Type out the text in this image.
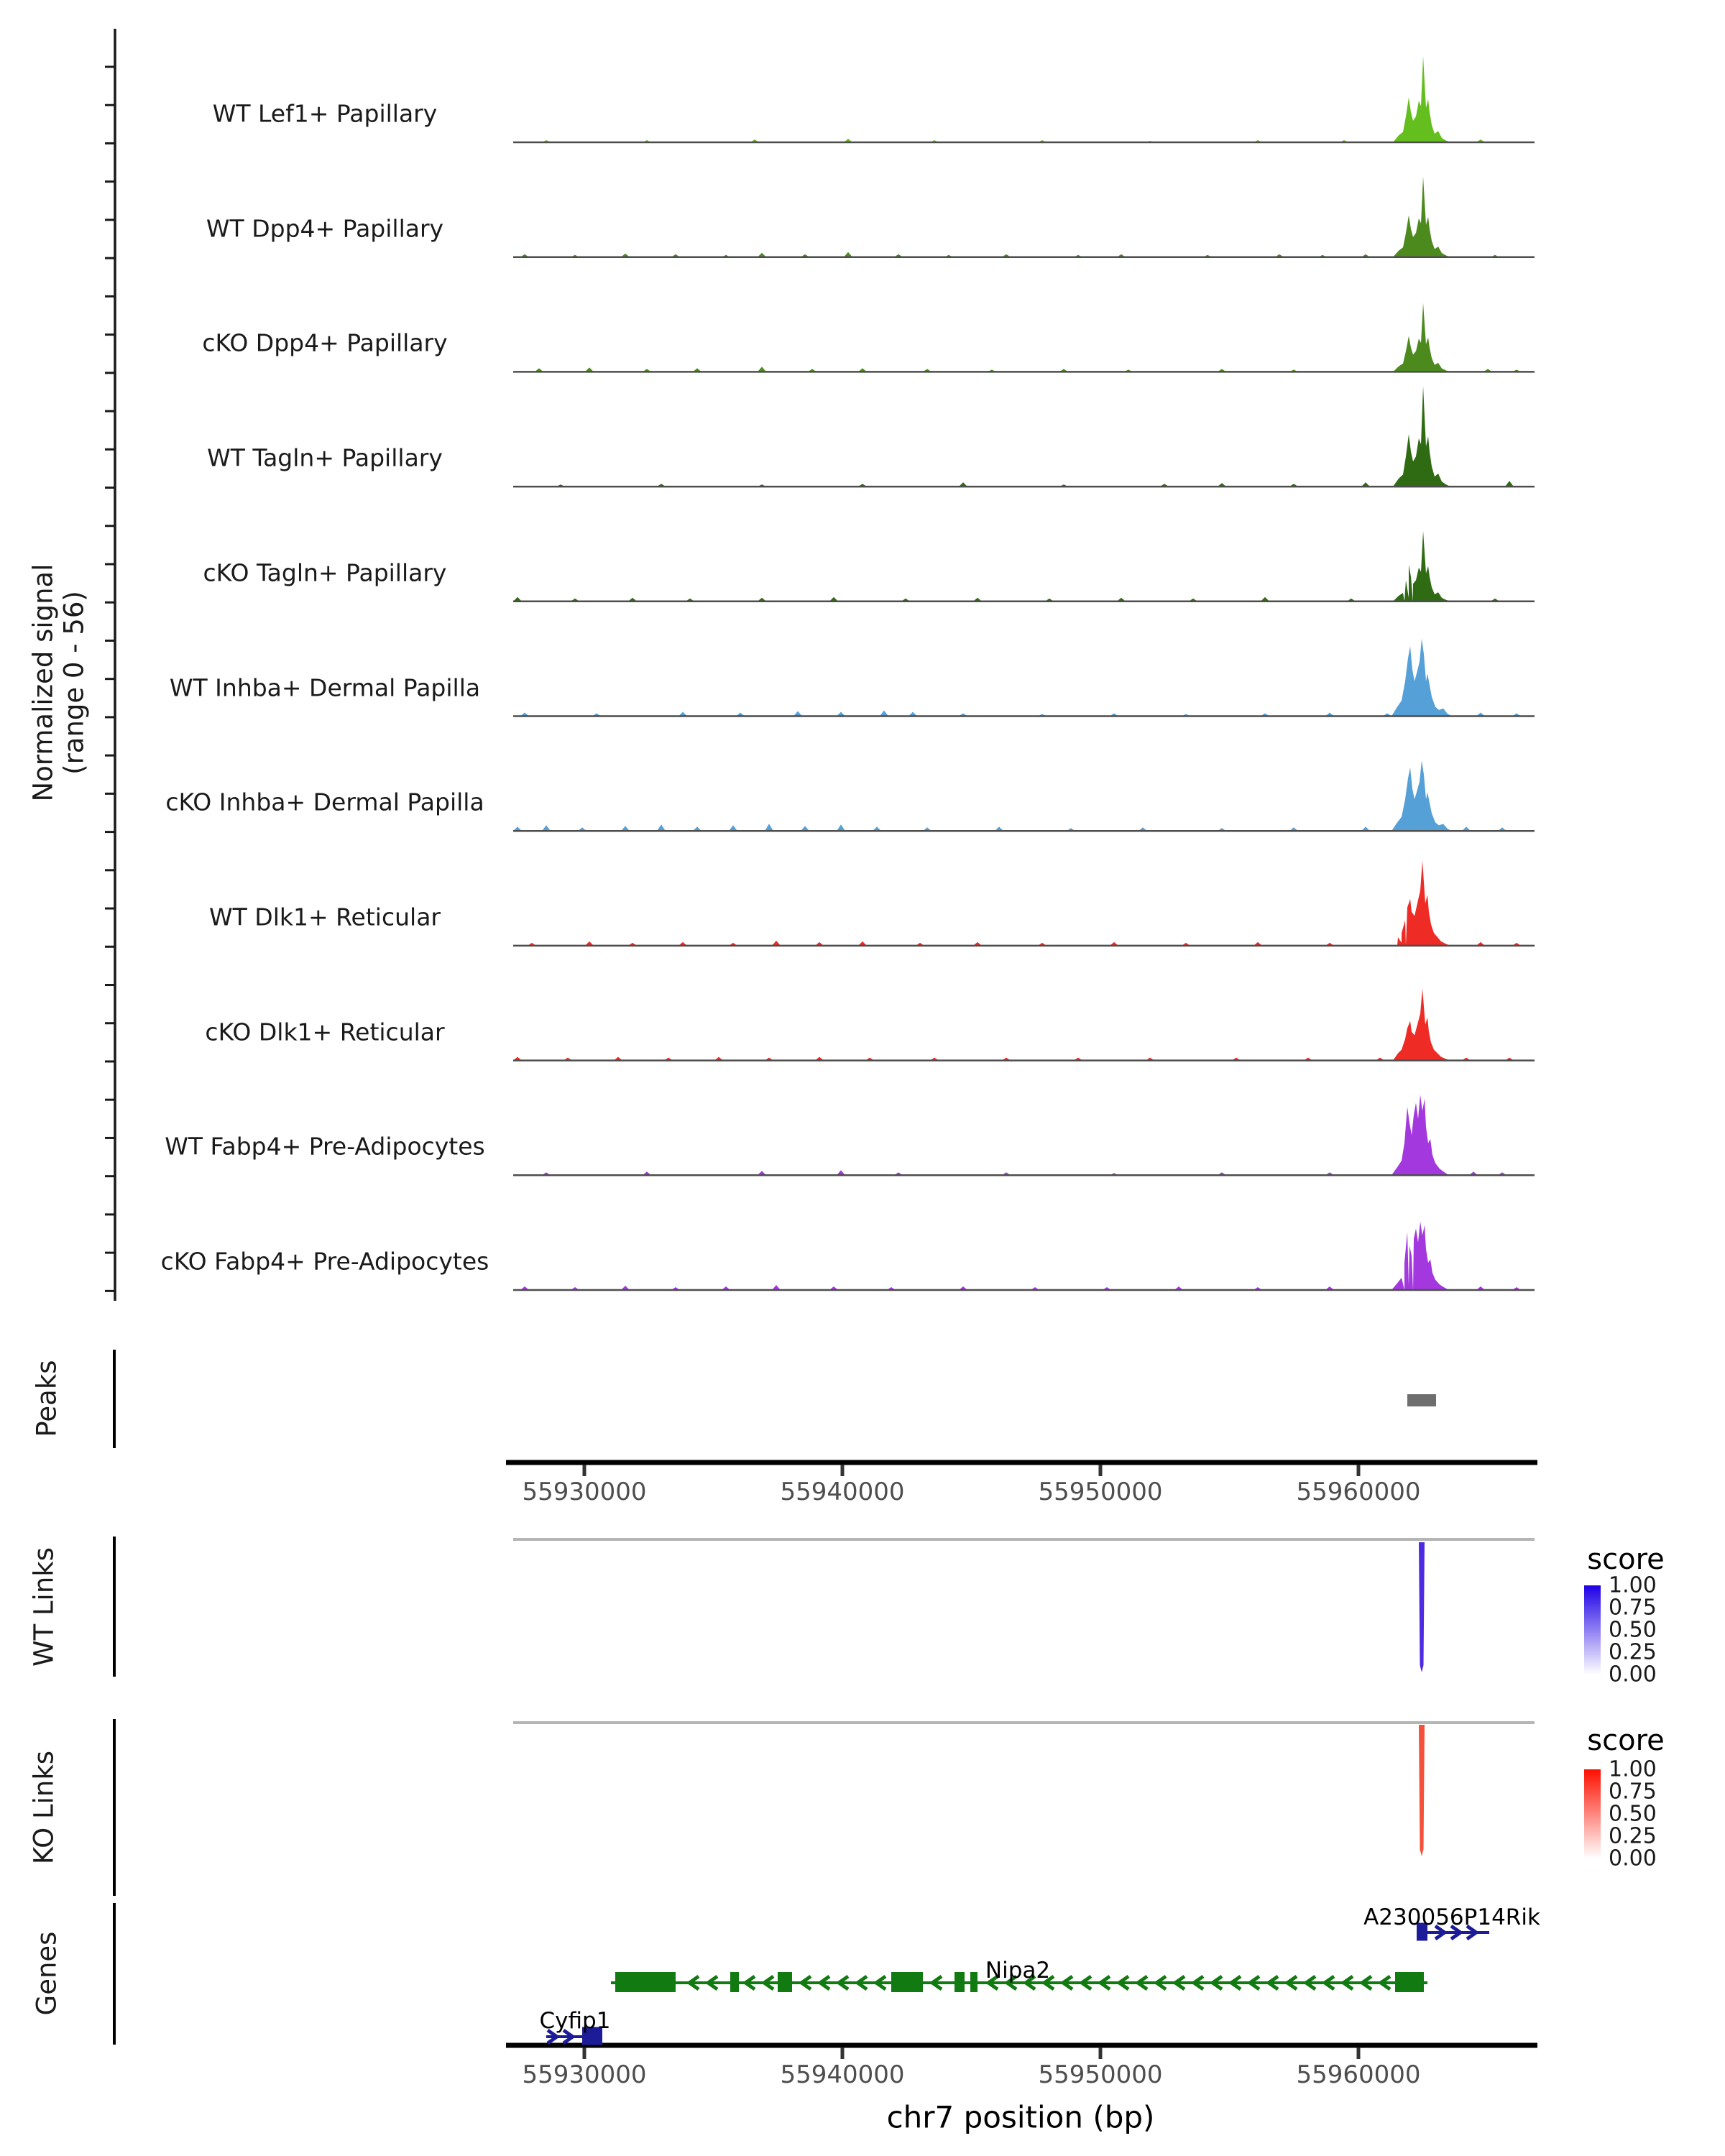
Normalized signal (range 0 - 56)
Peaks
WT Links
KO Links
Genes
chr7 position (bp)
score
1.00
0.75
0.50
0.25
0.00
score
1.00
0.75
0.50
0.25
0.00
Nipa2
Cyfip1
A230056P14Rik
WT Lef1+ Papillary
WT Dpp4+ Papillary
cKO Dpp4+ Papillary
WT Tagln+ Papillary
cKO Tagln+ Papillary
WT Inhba+ Dermal Papilla
cKO Inhba+ Dermal Papilla
WT Dlk1+ Reticular
cKO Dlk1+ Reticular
WT Fabp4+ Pre-Adipocytes
cKO Fabp4+ Pre-Adipocytes
55930000	55940000	55950000	55960000
55930000	55940000	55950000	55960000
